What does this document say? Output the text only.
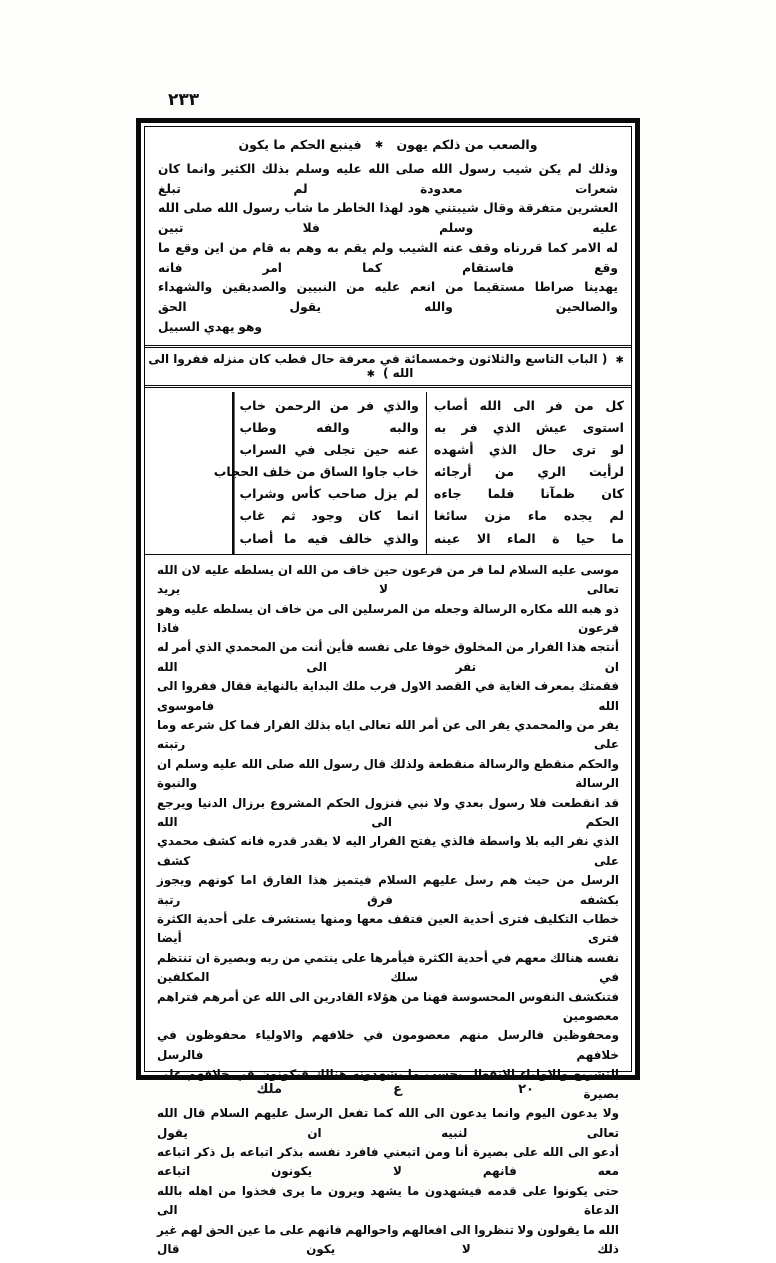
٢٣٣
والصعب من ذلكم يهون ✱ فينبع الحكم ما يكون
وذلك لم يكن شيب رسول الله صلى الله عليه وسلم بذلك الكثير وانما كان شعرات معدودة لم تبلغ
العشرين متفرقة وقال شيبتني هود لهذا الخاطر ما شاب رسول الله صلى الله عليه وسلم فلا تبين
له الامر كما قررناه وقف عنه الشيب ولم يقم به وهم به قام من اين وقع ما وقع فاستقام كما امر فانه
يهدينا صراطا مستقيما من انعم عليه من النبيين والصديقين والشهداء والصالحين والله يقول الحق
وهو يهدي السبيل
✱ ( الباب التاسع والثلاثون وخمسمائة في معرفة حال قطب كان منزله ففروا الى الله ) ✱
كل من فر الى الله أصاب
استوى عيش الذي فر به
لو ترى حال الذي أشهده
لرأيت الري من أرجائه
كان ظمآنا فلما جاءه
لم يجده ماء مزن سائغا
ما حيا ة الماء الا عينه
والذي فر من الرحمن خاب
والبه والفه وطاب
عنه حين تجلى في السراب
خاب جاوا الساق من خلف الحجاب
لم يزل صاحب كأس وشراب
انما كان وجود ثم غاب
والذي خالف فيه ما أصاب

موسى عليه السلام لما فر من فرعون حين خاف من الله ان يسلطه عليه لان الله تعالى لا يريد

ذو هبه الله مكاره الرسالة وجعله من المرسلين الى من خاف ان يسلطه عليه وهو فرعون فاذا

أنتجه هذا الفرار من المخلوق خوفا على نفسه فأين أنت من المحمدي الذي أمر له ان تفر الى الله

فقمتك بمعرف الغاية في القصد الاول فرب ملك البداية بالنهاية فقال ففروا الى الله فاموسوى

يفر من والمحمدي يفر الى عن أمر الله تعالى اياه بذلك الفرار فما كل شرعه وما على رتبته

والحكم منقطع والرسالة منقطعة ولذلك قال رسول الله صلى الله عليه وسلم ان الرسالة والنبوة

قد انقطعت فلا رسول بعدي ولا نبي فنزول الحكم المشروع برزال الدنيا ويرجع الحكم الى الله

الذي نفر اليه بلا واسطة فالذي يفتح الفرار اليه لا بقدر قدره فانه كشف محمدي على كشف

الرسل من حيث هم رسل عليهم السلام فيتميز هذا الفارق اما كونهم ويجوز بكشفه فرق رتبة

خطاب التكليف فترى أحدية العين فتقف معها ومنها يستشرف على أحدية الكثرة فترى أيضا

نفسه هنالك معهم في أحدية الكثرة فيأمرها على ينتمي من ربه وبصيرة ان تنتظم في سلك المكلفين

فتنكشف النفوس المحسوسة فهنا من هؤلاء القادرين الى الله عن أمرهم فتراهم معصومين

ومحفوظين فالرسل منهم معصومون في خلافهم والاولياء محفوظون في خلافهم فالرسل

التشريع وللاولياء الانفعال بحسب ما يشهدونه هنالك فيكونون في خلافهم على بصيرة

ولا يدعون اليوم وانما يدعون الى الله كما تفعل الرسل عليهم السلام قال الله تعالى لنبيه ان يقول

أدعو الى الله على بصيرة أنا ومن اتبعني فافرد نفسه بذكر اتباعه بل ذكر اتباعه معه فانهم لا يكونون اتباعه

حتى يكونوا على قدمه فيشهدون ما يشهد ويرون ما يرى فخذوا من اهله بالله الدعاة الى

الله ما يقولون ولا تنظروا الى افعالهم واحوالهم فانهم على ما عين الحق لهم غير ذلك لا يكون قال

٢٠
ع
ملك
